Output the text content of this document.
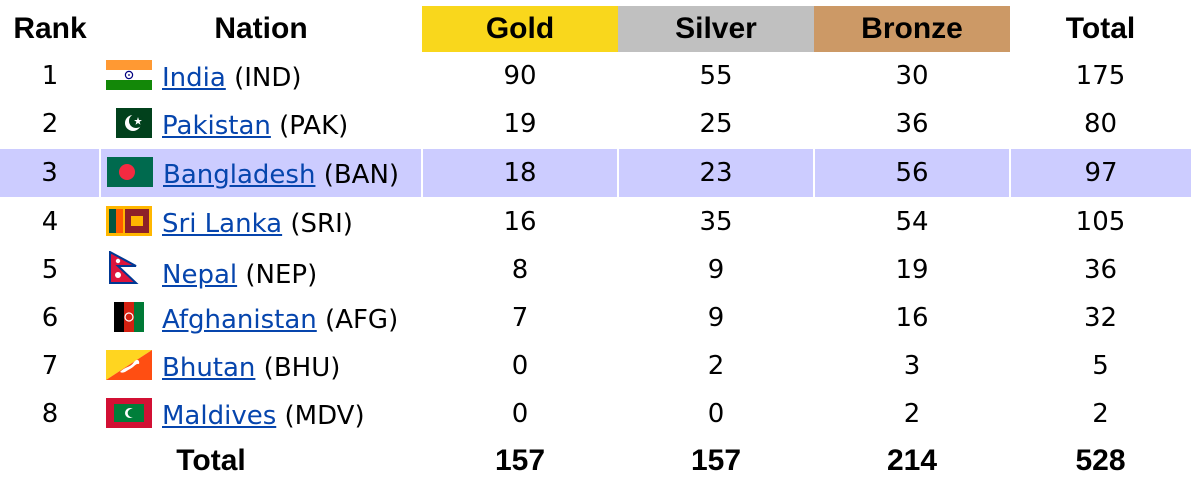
Rank	Nation	Gold	Silver	Bronze	Total
1	India (IND)	90	55	30	175
2	Pakistan (PAK)	19	25	36	80
3	Bangladesh (BAN)	18	23	56	97
4	Sri Lanka (SRI)	16	35	54	105
5	Nepal (NEP)	8	9	19	36
6	Afghanistan (AFG)	7	9	16	32
7	Bhutan (BHU)	0	2	3	5
8	Maldives (MDV)	0	0	2	2
Total		157	157	214	528
